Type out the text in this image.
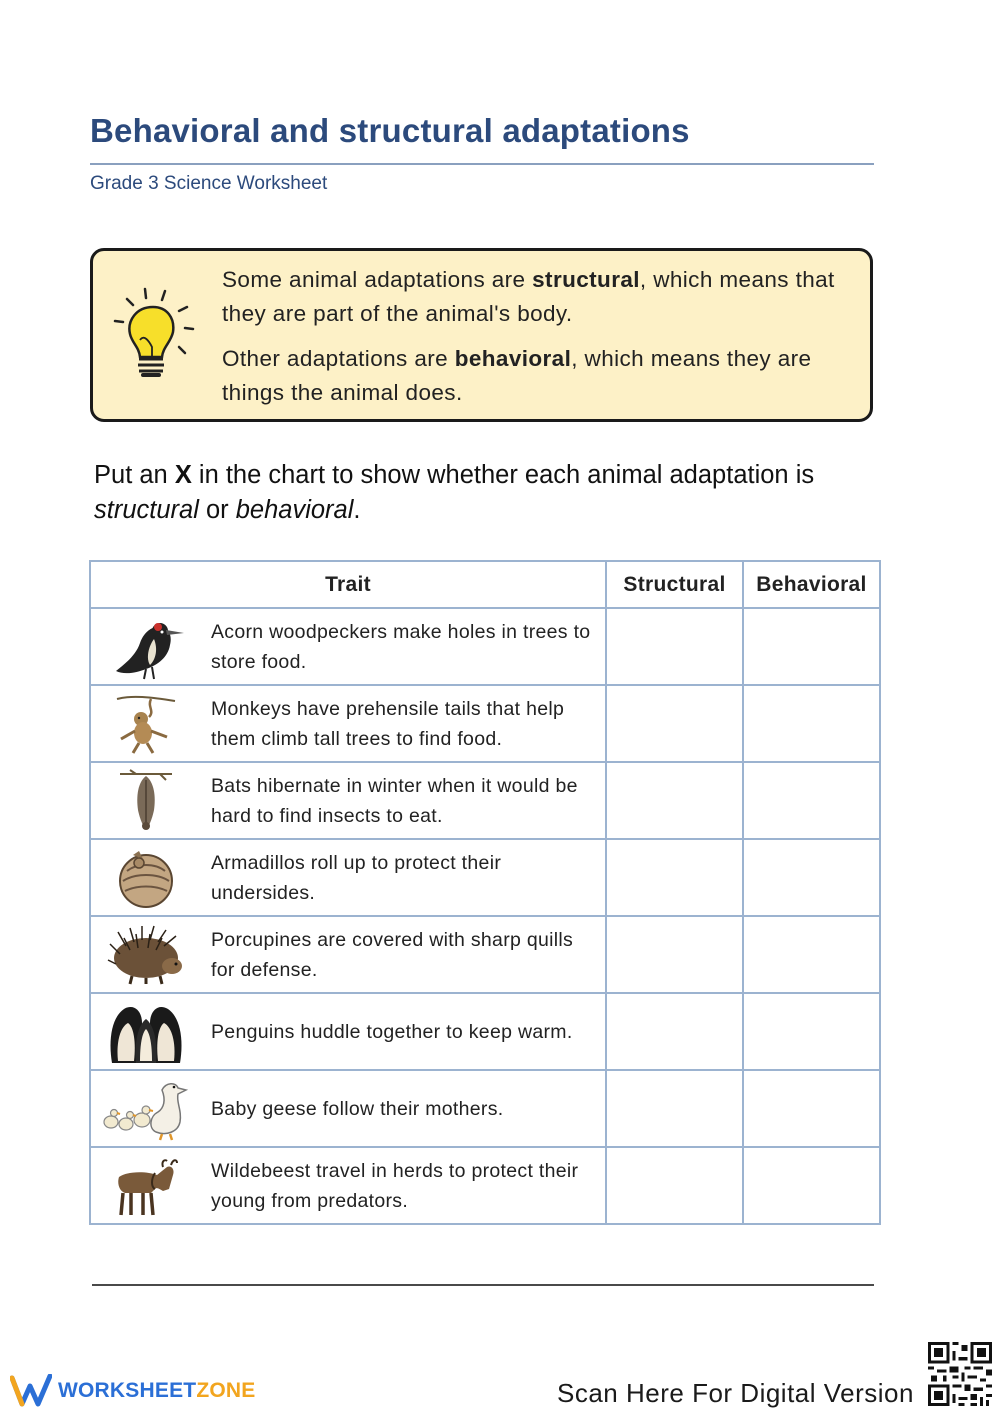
Behavioral and structural adaptations
Grade 3 Science Worksheet

Some animal adaptations are structural, which means that they are part of the animal's body.

Other adaptations are behavioral, which means they are things the animal does.

Put an X in the chart to show whether each animal adaptation is structural or behavioral.

Trait	Structural	Behavioral

Acorn woodpeckers make holes in trees to store food.		

Monkeys have prehensile tails that help them climb tall trees to find food.		

Bats hibernate in winter when it would be hard to find insects to eat.		

Armadillos roll up to protect their undersides.		

Porcupines are covered with sharp quills for defense.		

Penguins huddle together to keep warm.		

Baby geese follow their mothers.		

Wildebeest travel in herds to protect their young from predators.		

WORKSHEETZONE	Scan Here For Digital Version
